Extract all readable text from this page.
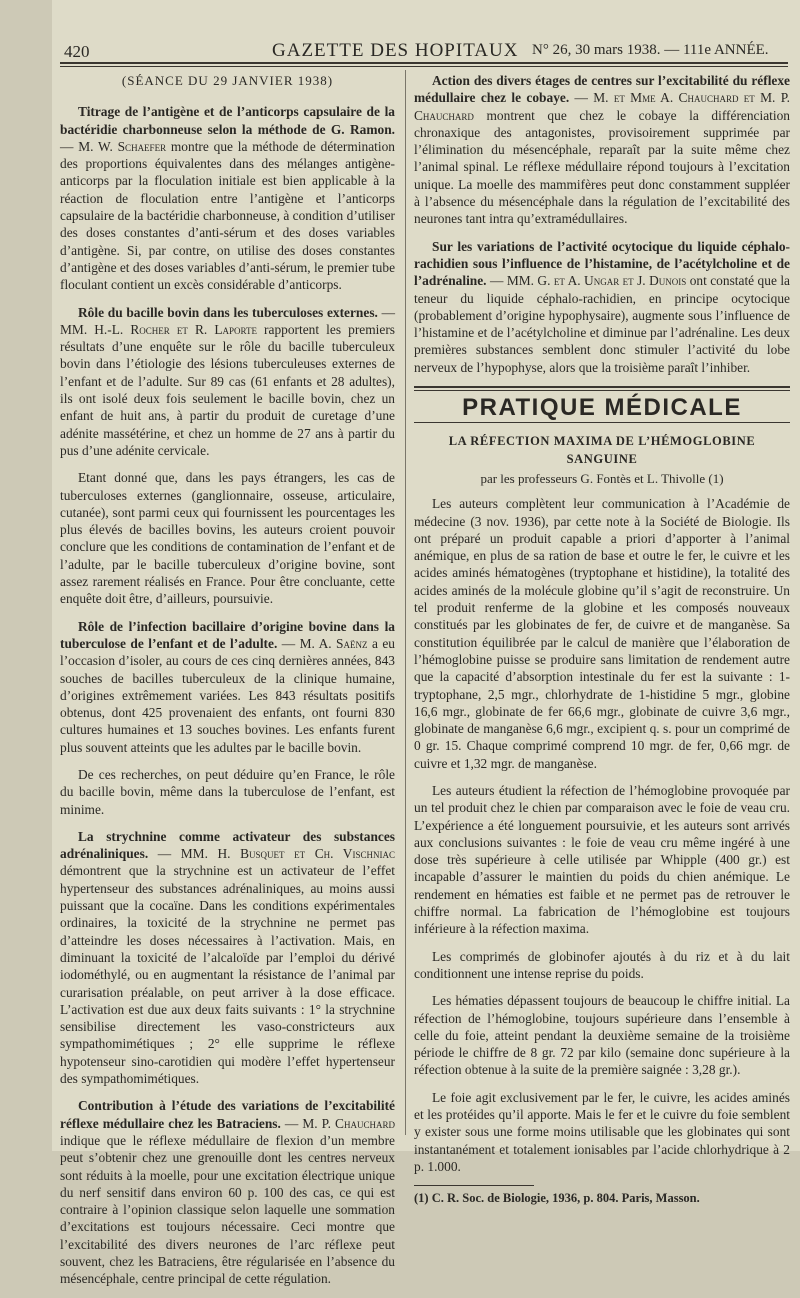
420	GAZETTE DES HOPITAUX N° 26, 30 mars 1938. — 111e ANNÉE.
(SÉANCE DU 29 JANVIER 1938)

Titrage de l’antigène et de l’anticorps capsulaire de la bactéridie charbonneuse selon la méthode de G. Ramon. — M. W. Schaefer montre que la méthode de détermination des proportions équivalentes dans des mélanges antigène-anticorps par la floculation initiale est bien applicable à la réaction de floculation entre l’antigène et l’anticorps capsulaire de la bactéridie charbonneuse, à condition d’utiliser des doses constantes d’anti-sérum et des doses variables d’antigène. Si, par contre, on utilise des doses constantes d’antigène et des doses variables d’anti-sérum, le premier tube floculant contient un excès considérable d’anticorps.

Rôle du bacille bovin dans les tuberculoses externes. — MM. H.-L. Rocher et R. Laporte rapportent les premiers résultats d’une enquête sur le rôle du bacille tuberculeux bovin dans l’étiologie des lésions tuberculeuses externes de l’enfant et de l’adulte. Sur 89 cas (61 enfants et 28 adultes), ils ont isolé deux fois seulement le bacille bovin, chez un enfant de huit ans, à partir du produit de curetage d’une adénite massétérine, et chez un homme de 27 ans à partir du pus d’une adénite cervicale.

Etant donné que, dans les pays étrangers, les cas de tuberculoses externes (ganglionnaire, osseuse, articulaire, cutanée), sont parmi ceux qui fournissent les pourcentages les plus élevés de bacilles bovins, les auteurs croient pouvoir conclure que les conditions de contamination de l’enfant et de l’adulte, par le bacille tuberculeux d’origine bovine, sont assez rarement réalisés en France. Pour être concluante, cette enquête doit être, d’ailleurs, poursuivie.

Rôle de l’infection bacillaire d’origine bovine dans la tuberculose de l’enfant et de l’adulte. — M. A. Saënz a eu l’occasion d’isoler, au cours de ces cinq dernières années, 843 souches de bacilles tuberculeux de la clinique humaine, d’origines extrêmement variées. Les 843 résultats positifs obtenus, dont 425 provenaient des enfants, ont fourni 830 cultures humaines et 13 souches bovines. Les enfants furent plus souvent atteints que les adultes par le bacille bovin.

De ces recherches, on peut déduire qu’en France, le rôle du bacille bovin, même dans la tuberculose de l’enfant, est minime.

La strychnine comme activateur des substances adrénaliniques. — MM. H. Busquet et Ch. Vischniac démontrent que la strychnine est un activateur de l’effet hypertenseur des substances adrénaliniques, au moins aussi puissant que la cocaïne. Dans les conditions expérimentales ordinaires, la toxicité de la strychnine ne permet pas d’atteindre les doses nécessaires à l’activation. Mais, en diminuant la toxicité de l’alcaloïde par l’emploi du dérivé iodométhylé, ou en augmentant la résistance de l’animal par curarisation préalable, on peut arriver à la dose efficace. L’activation est due aux deux faits suivants : 1° la strychnine sensibilise directement les vaso-constricteurs aux sympathomimétiques ; 2° elle supprime le réflexe hypotenseur sino-carotidien qui modère l’effet hypertenseur des sympathomimétiques.

Contribution à l’étude des variations de l’excitabilité réflexe médullaire chez les Batraciens. — M. P. Chauchard indique que le réflexe médullaire de flexion d’un membre peut s’obtenir chez une grenouille dont les centres nerveux sont réduits à la moelle, pour une excitation électrique unique du nerf sensitif dans environ 60 p. 100 des cas, ce qui est contraire à l’opinion classique selon laquelle une sommation d’excitations est toujours nécessaire. Ceci montre que l’excitabilité des divers neurones de l’arc réflexe peut souvent, chez les Batraciens, être régularisée en l’absence du mésencéphale, centre principal de cette régulation.

Action des divers étages de centres sur l’excitabilité du réflexe médullaire chez le cobaye. — M. et Mme A. Chauchard et M. P. Chauchard montrent que chez le cobaye la différenciation chronaxique des antagonistes, provisoirement supprimée par l’élimination du mésencéphale, reparaît par la suite même chez l’animal spinal. Le réflexe médullaire répond toujours à l’excitation unique. La moelle des mammifères peut donc constamment suppléer à l’absence du mésencéphale dans la régulation de l’excitabilité des neurones tant intra qu’extramédullaires.

Sur les variations de l’activité ocytocique du liquide céphalo-rachidien sous l’influence de l’histamine, de l’acétylcholine et de l’adrénaline. — MM. G. et A. Ungar et J. Dunois ont constaté que la teneur du liquide céphalo-rachidien, en principe ocytocique (probablement d’origine hypophysaire), augmente sous l’influence de l’histamine et de l’acétylcholine et diminue par l’adrénaline. Les deux premières substances semblent donc stimuler l’activité du lobe nerveux de l’hypophyse, alors que la troisième paraît l’inhiber.

PRATIQUE MÉDICALE
LA RÉFECTION MAXIMA DE L’HÉMOGLOBINE SANGUINE
par les professeurs G. Fontès et L. Thivolle (1)

Les auteurs complètent leur communication à l’Académie de médecine (3 nov. 1936), par cette note à la Société de Biologie. Ils ont préparé un produit capable a priori d’apporter à l’animal anémique, en plus de sa ration de base et outre le fer, le cuivre et les acides aminés hématogènes (tryptophane et histidine), la totalité des acides aminés de la molécule globine qu’il s’agit de reconstruire. Un tel produit renferme de la globine et les composés nouveaux constitués par les globinates de fer, de cuivre et de manganèse. Sa constitution équilibrée par le calcul de manière que l’élaboration de l’hémoglobine puisse se produire sans limitation de rendement autre que la capacité d’absorption intestinale du fer est la suivante : 1-tryptophane, 2,5 mgr., chlorhydrate de 1-histidine 5 mgr., globine 16,6 mgr., globinate de fer 66,6 mgr., globinate de cuivre 3,6 mgr., globinate de manganèse 6,6 mgr., excipient q. s. pour un comprimé de 0 gr. 15. Chaque comprimé comprend 10 mgr. de fer, 0,66 mgr. de cuivre et 1,32 mgr. de manganèse.

Les auteurs étudient la réfection de l’hémoglobine provoquée par un tel produit chez le chien par comparaison avec le foie de veau cru. L’expérience a été longuement poursuivie, et les auteurs sont arrivés aux conclusions suivantes : le foie de veau cru même ingéré à une dose très supérieure à celle utilisée par Whipple (400 gr.) est incapable d’assurer le maintien du poids du chien anémique. Le rendement en hématies est faible et ne permet pas de retrouver le chiffre normal. La fabrication de l’hémoglobine est toujours inférieure à la réfection maxima.

Les comprimés de globinofer ajoutés à du riz et à du lait conditionnent une intense reprise du poids.

Les hématies dépassent toujours de beaucoup le chiffre initial. La réfection de l’hémoglobine, toujours supérieure dans l’ensemble à celle du foie, atteint pendant la deuxième semaine de la troisième période le chiffre de 8 gr. 72 par kilo (semaine donc supérieure à la réfection obtenue à la suite de la première saignée : 3,28 gr.).

Le foie agit exclusivement par le fer, le cuivre, les acides aminés et les protéides qu’il apporte. Mais le fer et le cuivre du foie semblent y exister sous une forme moins utilisable que les globinates qui sont instantanément et totalement ionisables par l’acide chlorhydrique à 2 p. 1.000.

(1) C. R. Soc. de Biologie, 1936, p. 804. Paris, Masson.
